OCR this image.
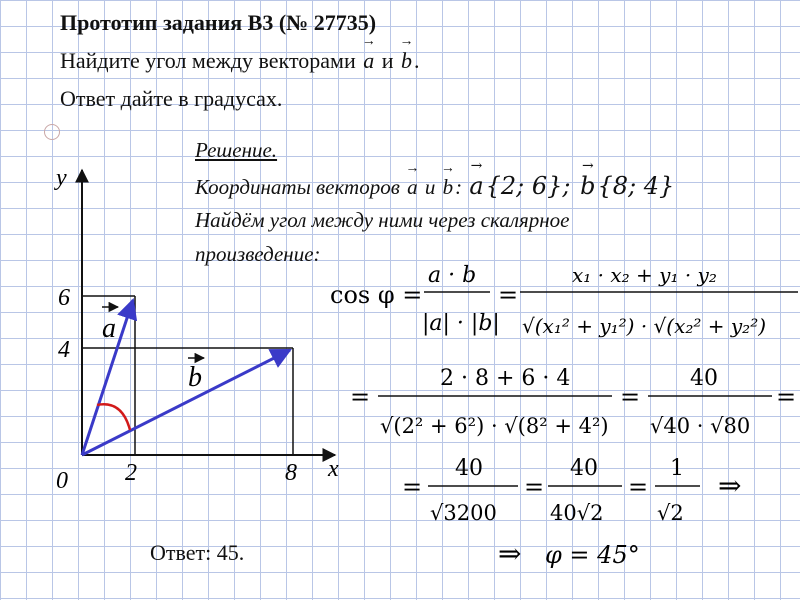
Прототип задания B3 (№ 27735)
Найдите угол между векторами → a и → b.
Ответ дайте в градусах.
Решение.
Координаты векторов → a и → b: → a{2; 6}; → b{8; 4}
Найдём угол между ними через скалярное
произведение:
Ответ: 45.
y
x
0
6
4
2	8
a
b
cos φ =
a · b
|a| · |b|
=
x₁ · x₂ + y₁ · y₂
√(x₁² + y₁²) · √(x₂² + y₂²)
=
2 · 8 + 6 · 4
√(2² + 6²) · √(8² + 4²)
=
40
√40 · √80
=
=
40
√3200
=
40
40√2
=
1
√2
⇒
⇒ φ = 45°
